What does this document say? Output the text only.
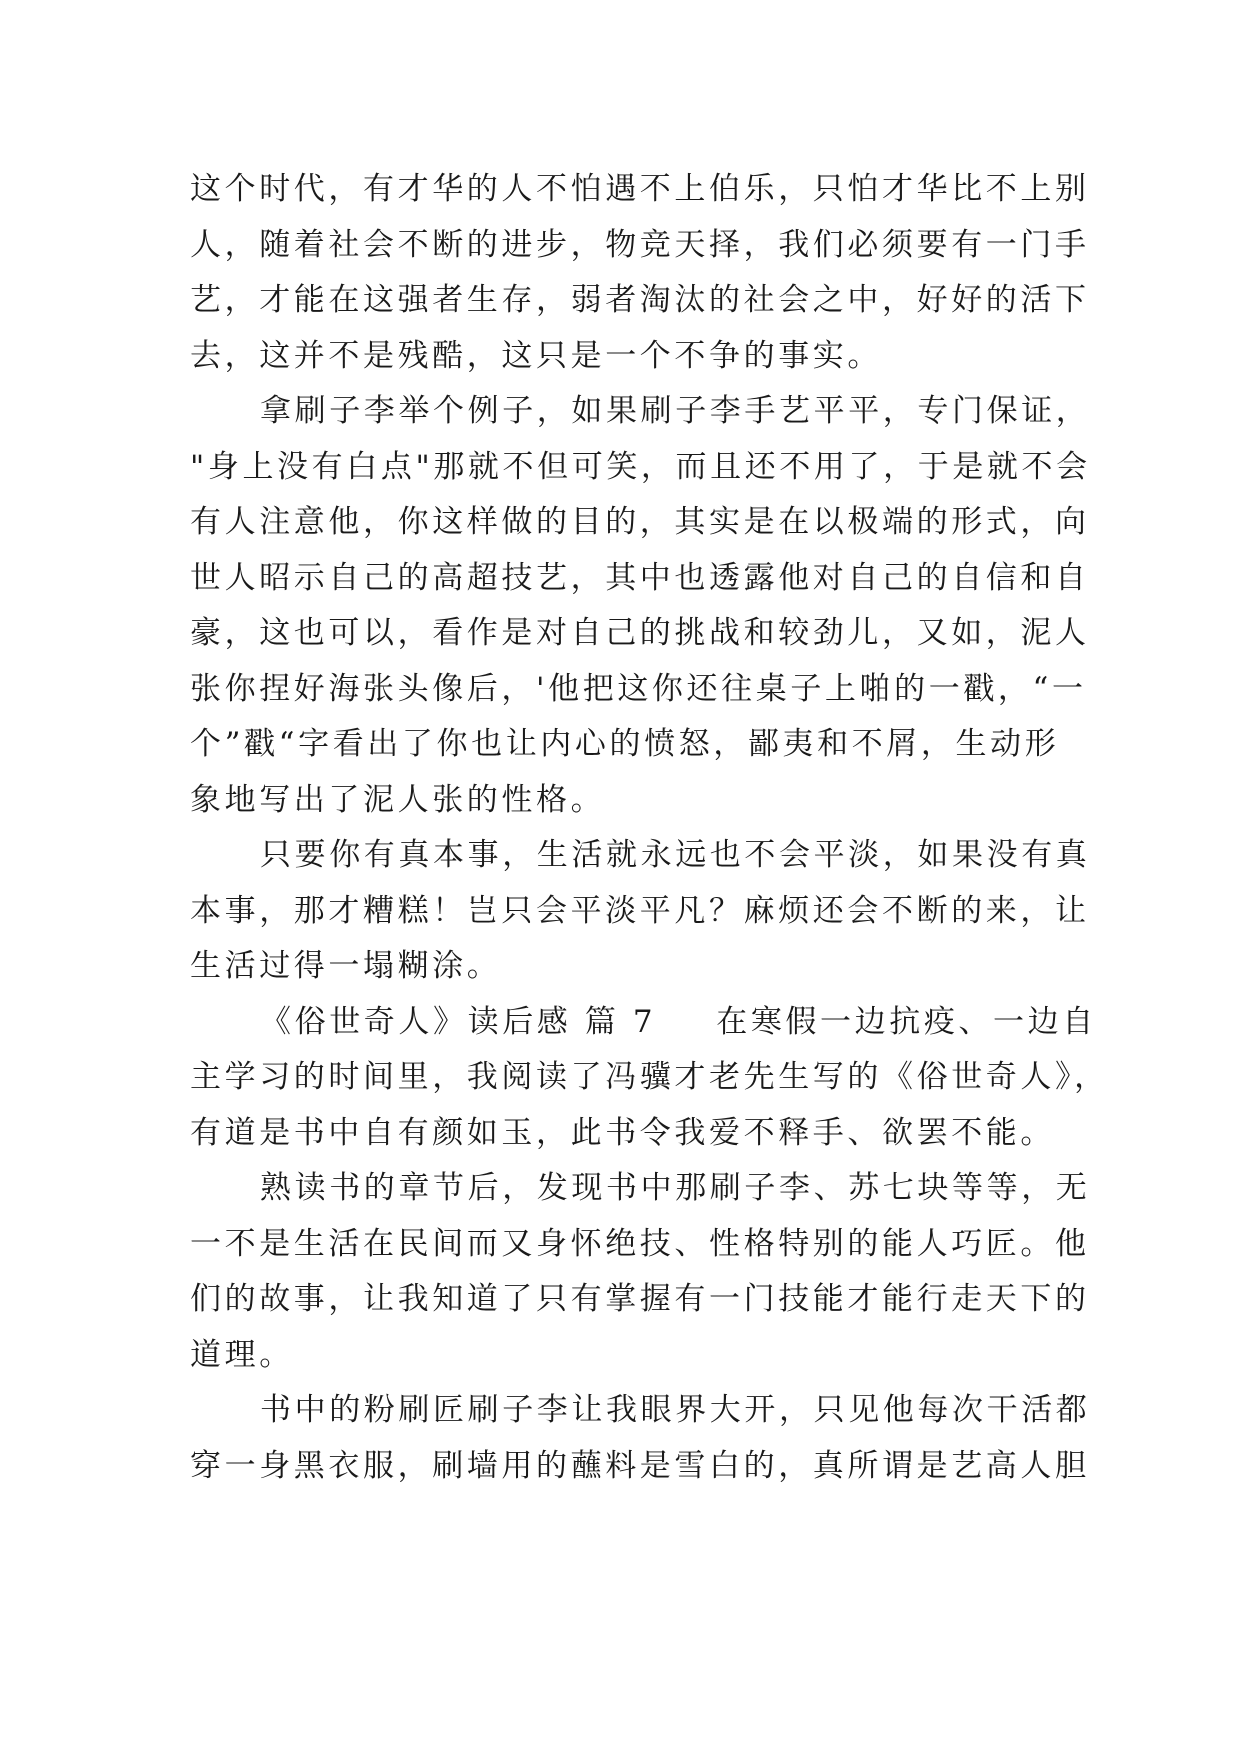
这个时代，有才华的人不怕遇不上伯乐，只怕才华比不上别
人，随着社会不断的进步，物竞天择，我们必须要有一门手
艺，才能在这强者生存，弱者淘汰的社会之中，好好的活下
去，这并不是残酷，这只是一个不争的事实。
拿刷子李举个例子，如果刷子李手艺平平，专门保证，
"身上没有白点"那就不但可笑，而且还不用了，于是就不会
有人注意他，你这样做的目的，其实是在以极端的形式，向
世人昭示自己的高超技艺，其中也透露他对自己的自信和自
豪，这也可以，看作是对自己的挑战和较劲儿，又如，泥人
张你捏好海张头像后，'他把这你还往桌子上啪的一戳，“一
个”戳“字看出了你也让内心的愤怒，鄙夷和不屑，生动形
象地写出了泥人张的性格。
只要你有真本事，生活就永远也不会平淡，如果没有真
本事，那才糟糕！岂只会平淡平凡？麻烦还会不断的来，让
生活过得一塌糊涂。
《俗世奇人》读后感 篇 7 在寒假一边抗疫、一边自
主学习的时间里，我阅读了冯骥才老先生写的《俗世奇人》，
有道是书中自有颜如玉，此书令我爱不释手、欲罢不能。
熟读书的章节后，发现书中那刷子李、苏七块等等，无
一不是生活在民间而又身怀绝技、性格特别的能人巧匠。他
们的故事，让我知道了只有掌握有一门技能才能行走天下的
道理。
书中的粉刷匠刷子李让我眼界大开，只见他每次干活都
穿一身黑衣服，刷墙用的蘸料是雪白的，真所谓是艺高人胆
